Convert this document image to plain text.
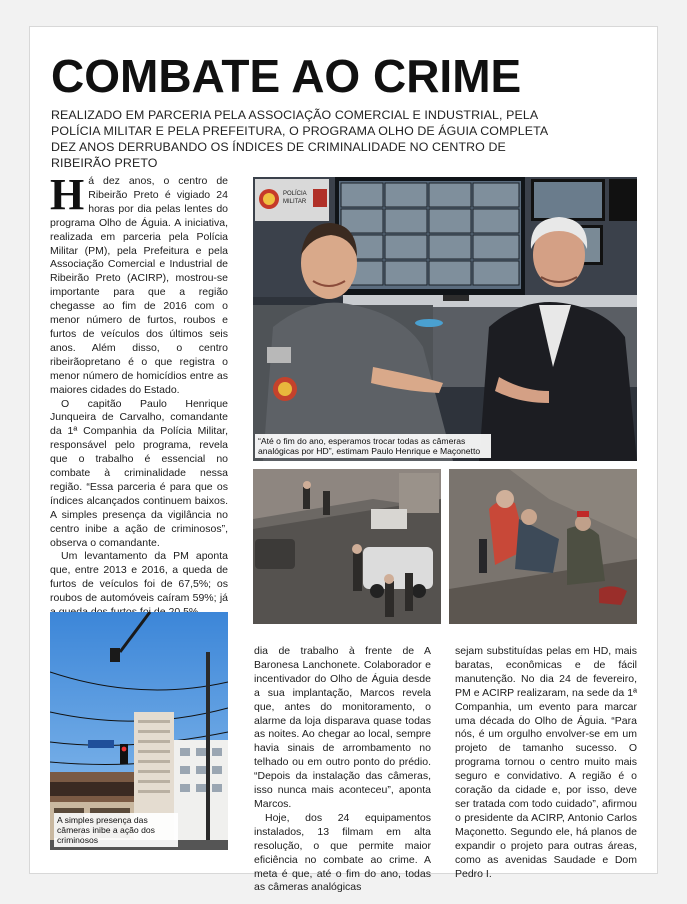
COMBATE AO CRIME

REALIZADO EM PARCERIA PELA ASSOCIAÇÃO COMERCIAL E INDUSTRIAL, PELA POLÍCIA MILITAR E PELA PREFEITURA, O PROGRAMA OLHO DE ÁGUIA COMPLETA DEZ ANOS DERRUBANDO OS ÍNDICES DE CRIMINALIDADE NO CENTRO DE RIBEIRÃO PRETO

Há dez anos, o centro de Ribeirão Preto é vigiado 24 horas por dia pelas lentes do programa Olho de Águia. A iniciativa, realizada em parceria pela Polícia Militar (PM), pela Prefeitura e pela Associação Comercial e Industrial de Ribeirão Preto (ACIRP), mostrou-se importante para que a região chegasse ao fim de 2016 com o menor número de furtos, roubos e furtos de veículos dos últimos seis anos. Além disso, o centro ribeirãopretano é o que registra o menor número de homicídios entre as maiores cidades do Estado.

O capitão Paulo Henrique Junqueira de Carvalho, comandante da 1ª Companhia da Polícia Militar, responsável pelo programa, revela que o trabalho é essencial no combate à criminalidade nessa região. “Essa parceria é para que os índices alcançados continuem baixos. A simples presença da vigilância no centro inibe a ação de criminosos”, observa o comandante.

Um levantamento da PM aponta que, entre 2013 e 2016, a queda de furtos de veículos foi de 67,5%; os roubos de automóveis caíram 59%; já

POLÍCIA
MILITAR
“Até o fim do ano, esperamos trocar todas as câmeras analógicas por HD”, estimam Paulo Henrique e Maçonetto
A simples presença das câmeras inibe a ação dos criminosos

dia de trabalho à frente de A Baronesa Lanchonete. Colaborador e incentivador do Olho de Águia desde a sua implantação, Marcos revela que, antes do monitoramento, o alarme da loja disparava quase todas as noites. Ao chegar ao local, sempre havia sinais de arrombamento no telhado ou em outro ponto do prédio. “Depois da instalação das câmeras, isso nunca mais aconteceu”, aponta Marcos.

Hoje, dos 24 equipamentos instalados, 13 filmam em alta resolução, o que permite maior eficiência no combate ao crime. A meta é que, até o fim do ano, todas as câmeras analógicas

sejam substituídas pelas em HD, mais baratas, econômicas e de fácil manutenção. No dia 24 de fevereiro, PM e ACIRP realizaram, na sede da 1ª Companhia, um evento para marcar uma década do Olho de Águia. “Para nós, é um orgulho envolver-se em um projeto de tamanho sucesso. O programa tornou o centro muito mais seguro e convidativo. A região é o coração da cidade e, por isso, deve ser tratada com todo cuidado”, afirmou o presidente da ACIRP, Antonio Carlos Maçonetto. Segundo ele, há planos de expandir o projeto para outras áreas, como as avenidas Saudade e Dom Pedro I.
